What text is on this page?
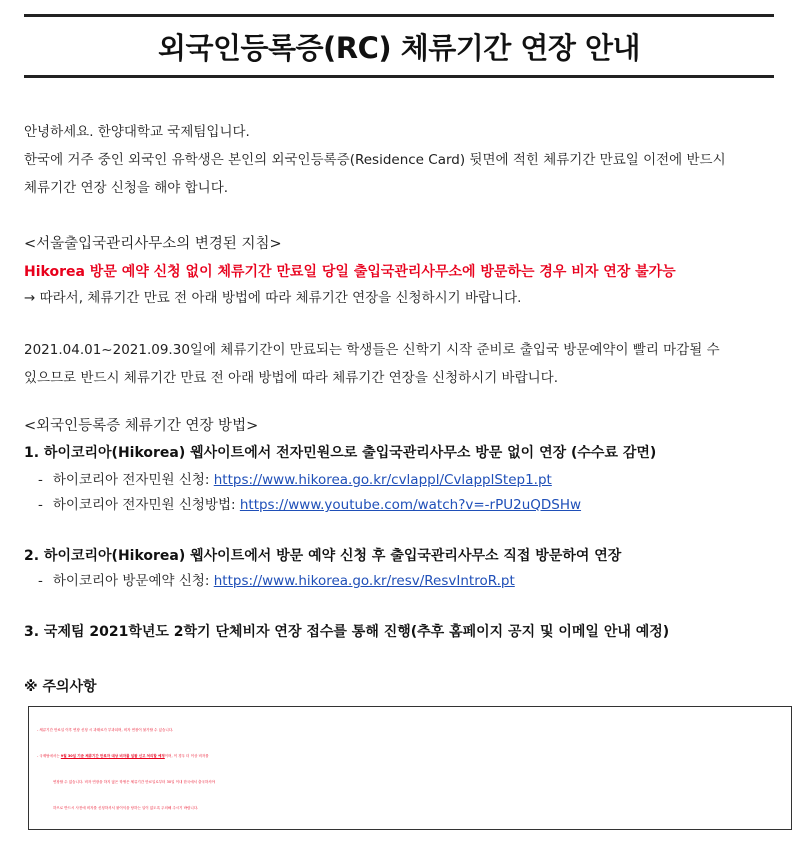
외국인등록증(RC) 체류기간 연장 안내
안녕하세요. 한양대학교 국제팀입니다.
한국에 거주 중인 외국인 유학생은 본인의 외국인등록증(Residence Card) 뒷면에 적힌 체류기간 만료일 이전에 반드시
체류기간 연장 신청을 해야 합니다.
<서울출입국관리사무소의 변경된 지침>
Hikorea 방문 예약 신청 없이 체류기간 만료일 당일 출입국관리사무소에 방문하는 경우 비자 연장 불가능
→ 따라서, 체류기간 만료 전 아래 방법에 따라 체류기간 연장을 신청하시기 바랍니다.
2021.04.01~2021.09.30일에 체류기간이 만료되는 학생들은 신학기 시작 준비로 출입국 방문예약이 빨리 마감될 수
있으므로 반드시 체류기간 만료 전 아래 방법에 따라 체류기간 연장을 신청하시기 바랍니다.
<외국인등록증 체류기간 연장 방법>
1. 하이코리아(Hikorea) 웹사이트에서 전자민원으로 출입국관리사무소 방문 없이 연장 (수수료 감면)
- 하이코리아 전자민원 신청: https://www.hikorea.go.kr/cvlappl/CvlapplStep1.pt
- 하이코리아 전자민원 신청방법: https://www.youtube.com/watch?v=-rPU2uQDSHw
2. 하이코리아(Hikorea) 웹사이트에서 방문 예약 신청 후 출입국관리사무소 직접 방문하여 연장
- 하이코리아 방문예약 신청: https://www.hikorea.go.kr/resv/ResvIntroR.pt
3. 국제팀 2021학년도 2학기 단체비자 연장 접수를 통해 진행(추후 홈페이지 공지 및 이메일 안내 예정)
※ 주의사항
- 체류기간 만료일 이후 연장 신청 시 과태료가 부과되며, 비자 연장이 불가할 수 있습니다.
- 국제팀에서는 9월 30일 기준 체류기간 만료자 대상 비자를 일괄 신고 처리할 예정이며, 이 경우 더 이상 비자를
연장할 수 없습니다. 비자 연장을 하지 않은 학생은 체류기간 만료일로부터 30일 이내 한국에서 출국하셔야
하므로 반드시 사전에 비자를 신청하셔서 불이익을 당하는 일이 없도록 주의해 주시기 바랍니다.
